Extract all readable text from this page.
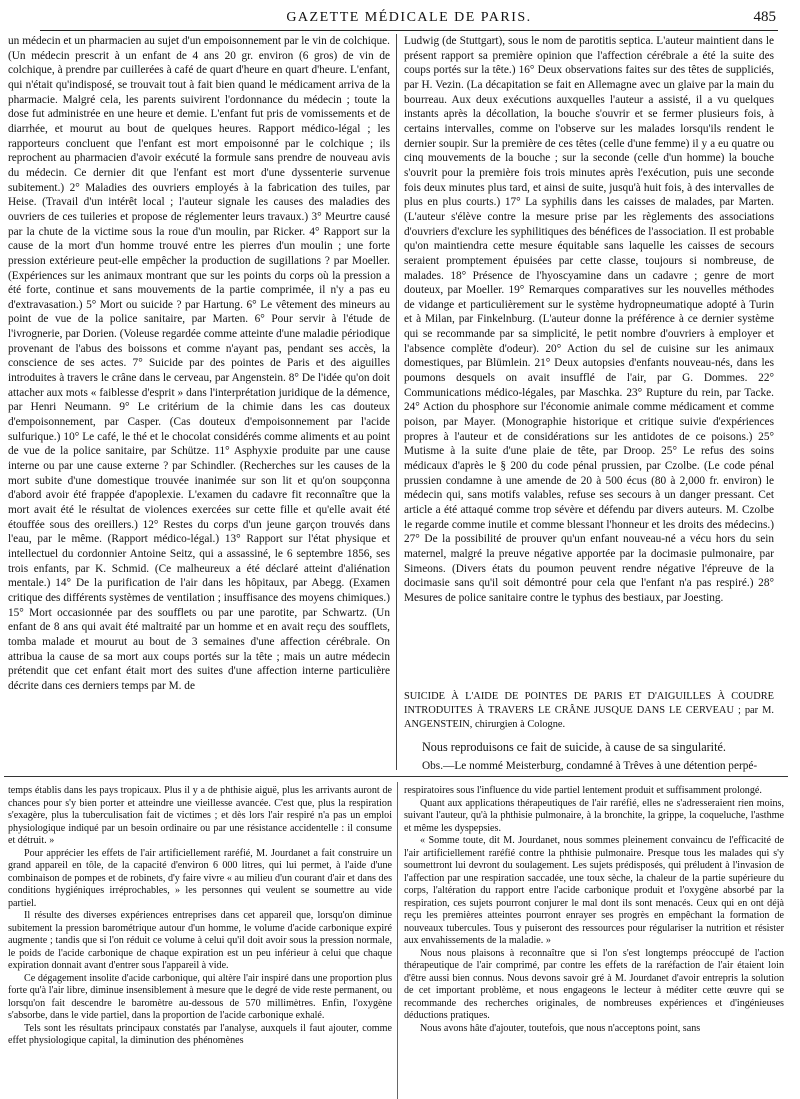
GAZETTE MÉDICALE DE PARIS.	485

un médecin et un pharmacien au sujet d'un empoisonnement par le vin de colchique. (Un médecin prescrit à un enfant de 4 ans 20 gr. environ (6 gros) de vin de colchique, à prendre par cuillerées à café de quart d'heure en quart d'heure. L'enfant, qui n'était qu'indisposé, se trouvait tout à fait bien quand le médicament arriva de la pharmacie. Malgré cela, les parents suivirent l'ordonnance du médecin ; toute la dose fut administrée en une heure et demie. L'enfant fut pris de vomissements et de diarrhée, et mourut au bout de quelques heures. Rapport médico-légal ; les rapporteurs concluent que l'enfant est mort empoisonné par le colchique ; ils reprochent au pharmacien d'avoir exécuté la formule sans prendre de nouveau avis du médecin. Ce dernier dit que l'enfant est mort d'une dyssenterie survenue subitement.) 2° Maladies des ouvriers employés à la fabrication des tuiles, par Heise. (Travail d'un intérêt local ; l'auteur signale les causes des maladies des ouvriers de ces tuileries et propose de réglementer leurs travaux.) 3° Meurtre causé par la chute de la victime sous la roue d'un moulin, par Ricker. 4° Rapport sur la cause de la mort d'un homme trouvé entre les pierres d'un moulin ; une forte pression extérieure peut-elle empêcher la production de sugillations ? par Moeller. (Expériences sur les animaux montrant que sur les points du corps où la pression a été forte, continue et sans mouvements de la partie comprimée, il n'y a pas eu d'extravasation.) 5° Mort ou suicide ? par Hartung. 6° Le vêtement des mineurs au point de vue de la police sanitaire, par Marten. 6° Pour servir à l'étude de l'ivrognerie, par Dorien. (Voleuse regardée comme atteinte d'une maladie périodique provenant de l'abus des boissons et comme n'ayant pas, pendant ses accès, la conscience de ses actes. 7° Suicide par des pointes de Paris et des aiguilles introduites à travers le crâne dans le cerveau, par Angenstein. 8° De l'idée qu'on doit attacher aux mots « faiblesse d'esprit » dans l'interprétation juridique de la démence, par Henri Neumann. 9° Le critérium de la chimie dans les cas douteux d'empoisonnement, par Casper. (Cas douteux d'empoisonnement par l'acide sulfurique.) 10° Le café, le thé et le chocolat considérés comme aliments et au point de vue de la police sanitaire, par Schütze. 11° Asphyxie produite par une cause interne ou par une cause externe ? par Schindler. (Recherches sur les causes de la mort subite d'une domestique trouvée inanimée sur son lit et qu'on soupçonna d'abord avoir été frappée d'apoplexie. L'examen du cadavre fit reconnaître que la mort avait été le résultat de violences exercées sur cette fille et qu'elle avait été étouffée sous des oreillers.) 12° Restes du corps d'un jeune garçon trouvés dans l'eau, par le même. (Rapport médico-légal.) 13° Rapport sur l'état physique et intellectuel du cordonnier Antoine Seitz, qui a assassiné, le 6 septembre 1856, ses trois enfants, par K. Schmid. (Ce malheureux a été déclaré atteint d'aliénation mentale.) 14° De la purification de l'air dans les hôpitaux, par Abegg. (Examen critique des différents systèmes de ventilation ; insuffisance des moyens chimiques.) 15° Mort occasionnée par des soufflets ou par une parotite, par Schwartz. (Un enfant de 8 ans qui avait été maltraité par un homme et en avait reçu des soufflets, tomba malade et mourut au bout de 3 semaines d'une affection cérébrale. On attribua la cause de sa mort aux coups portés sur la tête ; mais un autre médecin prétendit que cet enfant était mort des suites d'une affection interne particulière décrite dans ces derniers temps par M. de

Ludwig (de Stuttgart), sous le nom de parotitis septica. L'auteur maintient dans le présent rapport sa première opinion que l'affection cérébrale a été la suite des coups portés sur la tête.) 16° Deux observations faites sur des têtes de suppliciés, par H. Vezin. (La décapitation se fait en Allemagne avec un glaive par la main du bourreau. Aux deux exécutions auxquelles l'auteur a assisté, il a vu quelques instants après la décollation, la bouche s'ouvrir et se fermer plusieurs fois, à certains intervalles, comme on l'observe sur les malades lorsqu'ils rendent le dernier soupir. Sur la première de ces têtes (celle d'une femme) il y a eu quatre ou cinq mouvements de la bouche ; sur la seconde (celle d'un homme) la bouche s'ouvrit pour la première fois trois minutes après l'exécution, puis une seconde fois deux minutes plus tard, et ainsi de suite, jusqu'à huit fois, à des intervalles de plus en plus courts.) 17° La syphilis dans les caisses de malades, par Marten. (L'auteur s'élève contre la mesure prise par les règlements des associations d'ouvriers d'exclure les syphilitiques des bénéfices de l'association. Il est probable qu'on maintiendra cette mesure équitable sans laquelle les caisses de secours seraient promptement épuisées par cette classe, toujours si nombreuse, de malades. 18° Présence de l'hyoscyamine dans un cadavre ; genre de mort douteux, par Moeller. 19° Remarques comparatives sur les nouvelles méthodes de vidange et particulièrement sur le système hydropneumatique adopté à Turin et à Milan, par Finkelnburg. (L'auteur donne la préférence à ce dernier système qui se recommande par sa simplicité, le petit nombre d'ouvriers à employer et l'absence complète d'odeur). 20° Action du sel de cuisine sur les animaux domestiques, par Blümlein. 21° Deux autopsies d'enfants nouveau-nés, dans les poumons desquels on avait insufflé de l'air, par G. Dommes. 22° Communications médico-légales, par Maschka. 23° Rupture du rein, par Tacke. 24° Action du phosphore sur l'économie animale comme médicament et comme poison, par Mayer. (Monographie historique et critique suivie d'expériences propres à l'auteur et de considérations sur les antidotes de ce poisons.) 25° Mutisme à la suite d'une plaie de tête, par Droop. 25° Le refus des soins médicaux d'après le § 200 du code pénal prussien, par Czolbe. (Le code pénal prussien condamne à une amende de 20 à 500 écus (80 à 2,000 fr. environ) le médecin qui, sans motifs valables, refuse ses secours à un danger pressant. Cet article a été attaqué comme trop sévère et défendu par divers auteurs. M. Czolbe le regarde comme inutile et comme blessant l'honneur et les droits des médecins.) 27° De la possibilité de prouver qu'un enfant nouveau-né a vécu hors du sein maternel, malgré la preuve négative apportée par la docimasie pulmonaire, par Simeons. (Divers états du poumon peuvent rendre négative l'épreuve de la docimasie sans qu'il soit démontré pour cela que l'enfant n'a pas respiré.) 28° Mesures de police sanitaire contre le typhus des bestiaux, par Joesting.

SUICIDE À L'AIDE DE POINTES DE PARIS ET D'AIGUILLES À COUDRE INTRODUITES À TRAVERS LE CRÂNE JUSQUE DANS LE CERVEAU ; par M. ANGENSTEIN, chirurgien à Cologne.

Nous reproduisons ce fait de suicide, à cause de sa singularité.

Obs.—Le nommé Meisterburg, condamné à Trêves à une détention perpé-

temps établis dans les pays tropicaux. Plus il y a de phthisie aiguë, plus les arrivants auront de chances pour s'y bien porter et atteindre une vieillesse avancée. C'est que, plus la respiration s'exagère, plus la tuberculisation fait de victimes ; et dès lors l'air respiré n'a pas un emploi physiologique indiqué par un besoin ordinaire ou par une résistance accidentelle : il consume et détruit. »

Pour apprécier les effets de l'air artificiellement raréfié, M. Jourdanet a fait construire un grand appareil en tôle, de la capacité d'environ 6 000 litres, qui lui permet, à l'aide d'une combinaison de pompes et de robinets, d'y faire vivre « au milieu d'un courant d'air et dans des conditions hygiéniques irréprochables, » les personnes qui veulent se soumettre au vide partiel.

Il résulte des diverses expériences entreprises dans cet appareil que, lorsqu'on diminue subitement la pression barométrique autour d'un homme, le volume d'acide carbonique expiré augmente ; tandis que si l'on réduit ce volume à celui qu'il doit avoir sous la pression normale, le poids de l'acide carbonique de chaque expiration est un peu inférieur à celui que chaque expiration donnait avant d'entrer sous l'appareil à vide.

Ce dégagement insolite d'acide carbonique, qui altère l'air inspiré dans une proportion plus forte qu'à l'air libre, diminue insensiblement à mesure que le degré de vide reste permanent, ou lorsqu'on fait descendre le baromètre au-dessous de 570 millimètres. Enfin, l'oxygène s'absorbe, dans le vide partiel, dans la proportion de l'acide carbonique exhalé.

Tels sont les résultats principaux constatés par l'analyse, auxquels il faut ajouter, comme effet physiologique capital, la diminution des phénomènes

respiratoires sous l'influence du vide partiel lentement produit et suffisamment prolongé.

Quant aux applications thérapeutiques de l'air raréfié, elles ne s'adresseraient rien moins, suivant l'auteur, qu'à la phthisie pulmonaire, à la bronchite, la grippe, la coqueluche, l'asthme et même les dyspepsies.

« Somme toute, dit M. Jourdanet, nous sommes pleinement convaincu de l'efficacité de l'air artificiellement raréfié contre la phthisie pulmonaire. Presque tous les malades qui s'y soumettront lui devront du soulagement. Les sujets prédisposés, qui préludent à l'invasion de l'affection par une respiration saccadée, une toux sèche, la chaleur de la partie supérieure du corps, l'altération du rapport entre l'acide carbonique produit et l'oxygène absorbé par la respiration, ces sujets pourront conjurer le mal dont ils sont menacés. Ceux qui en ont déjà reçu les premières atteintes pourront enrayer ses progrès en empêchant la formation de nouveaux tubercules. Tous y puiseront des ressources pour régulariser la nutrition et résister aux envahissements de la maladie. »

Nous nous plaisons à reconnaître que si l'on s'est longtemps préoccupé de l'action thérapeutique de l'air comprimé, par contre les effets de la raréfaction de l'air étaient loin d'être aussi bien connus. Nous devons savoir gré à M. Jourdanet d'avoir entrepris la solution de cet important problème, et nous engageons le lecteur à méditer cette œuvre qui se recommande des recherches originales, de nombreuses expériences et d'ingénieuses déductions pratiques.

Nous avons hâte d'ajouter, toutefois, que nous n'acceptons point, sans
